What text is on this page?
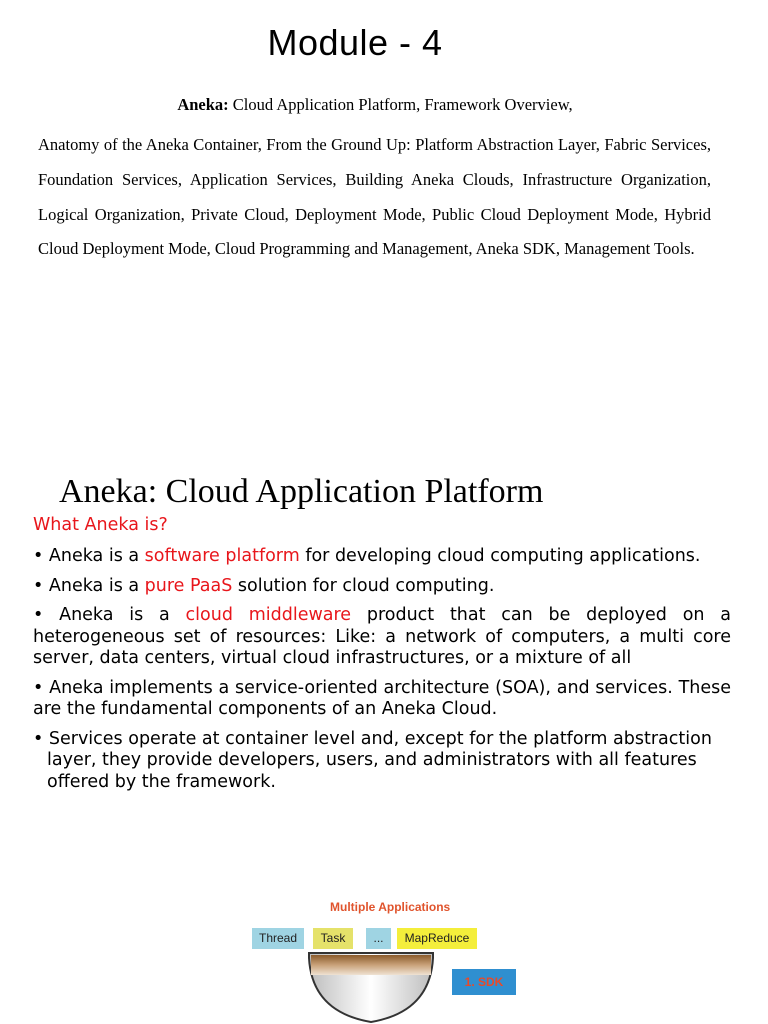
Module - 4
Aneka: Cloud Application Platform, Framework Overview,
Anatomy of the Aneka Container, From the Ground Up: Platform Abstraction Layer, Fabric Services, Foundation Services, Application Services, Building Aneka Clouds, Infrastructure Organization, Logical Organization, Private Cloud, Deployment Mode, Public Cloud Deployment Mode, Hybrid Cloud Deployment Mode, Cloud Programming and Management, Aneka SDK, Management Tools.
Aneka: Cloud Application Platform
What Aneka is?
• Aneka is a software platform for developing cloud computing applications.
• Aneka is a pure PaaS solution for cloud computing.
• Aneka is a cloud middleware product that can be deployed on a heterogeneous set of resources: Like: a network of computers, a multi core server, data centers, virtual cloud infrastructures, or a mixture of all
• Aneka implements a service-oriented architecture (SOA), and services. These are the fundamental components of an Aneka Cloud.
• Services operate at container level and, except for the platform abstraction layer, they provide developers, users, and administrators with all features offered by the framework.
Multiple Applications
Thread	Task	...	MapReduce
1. SDK
